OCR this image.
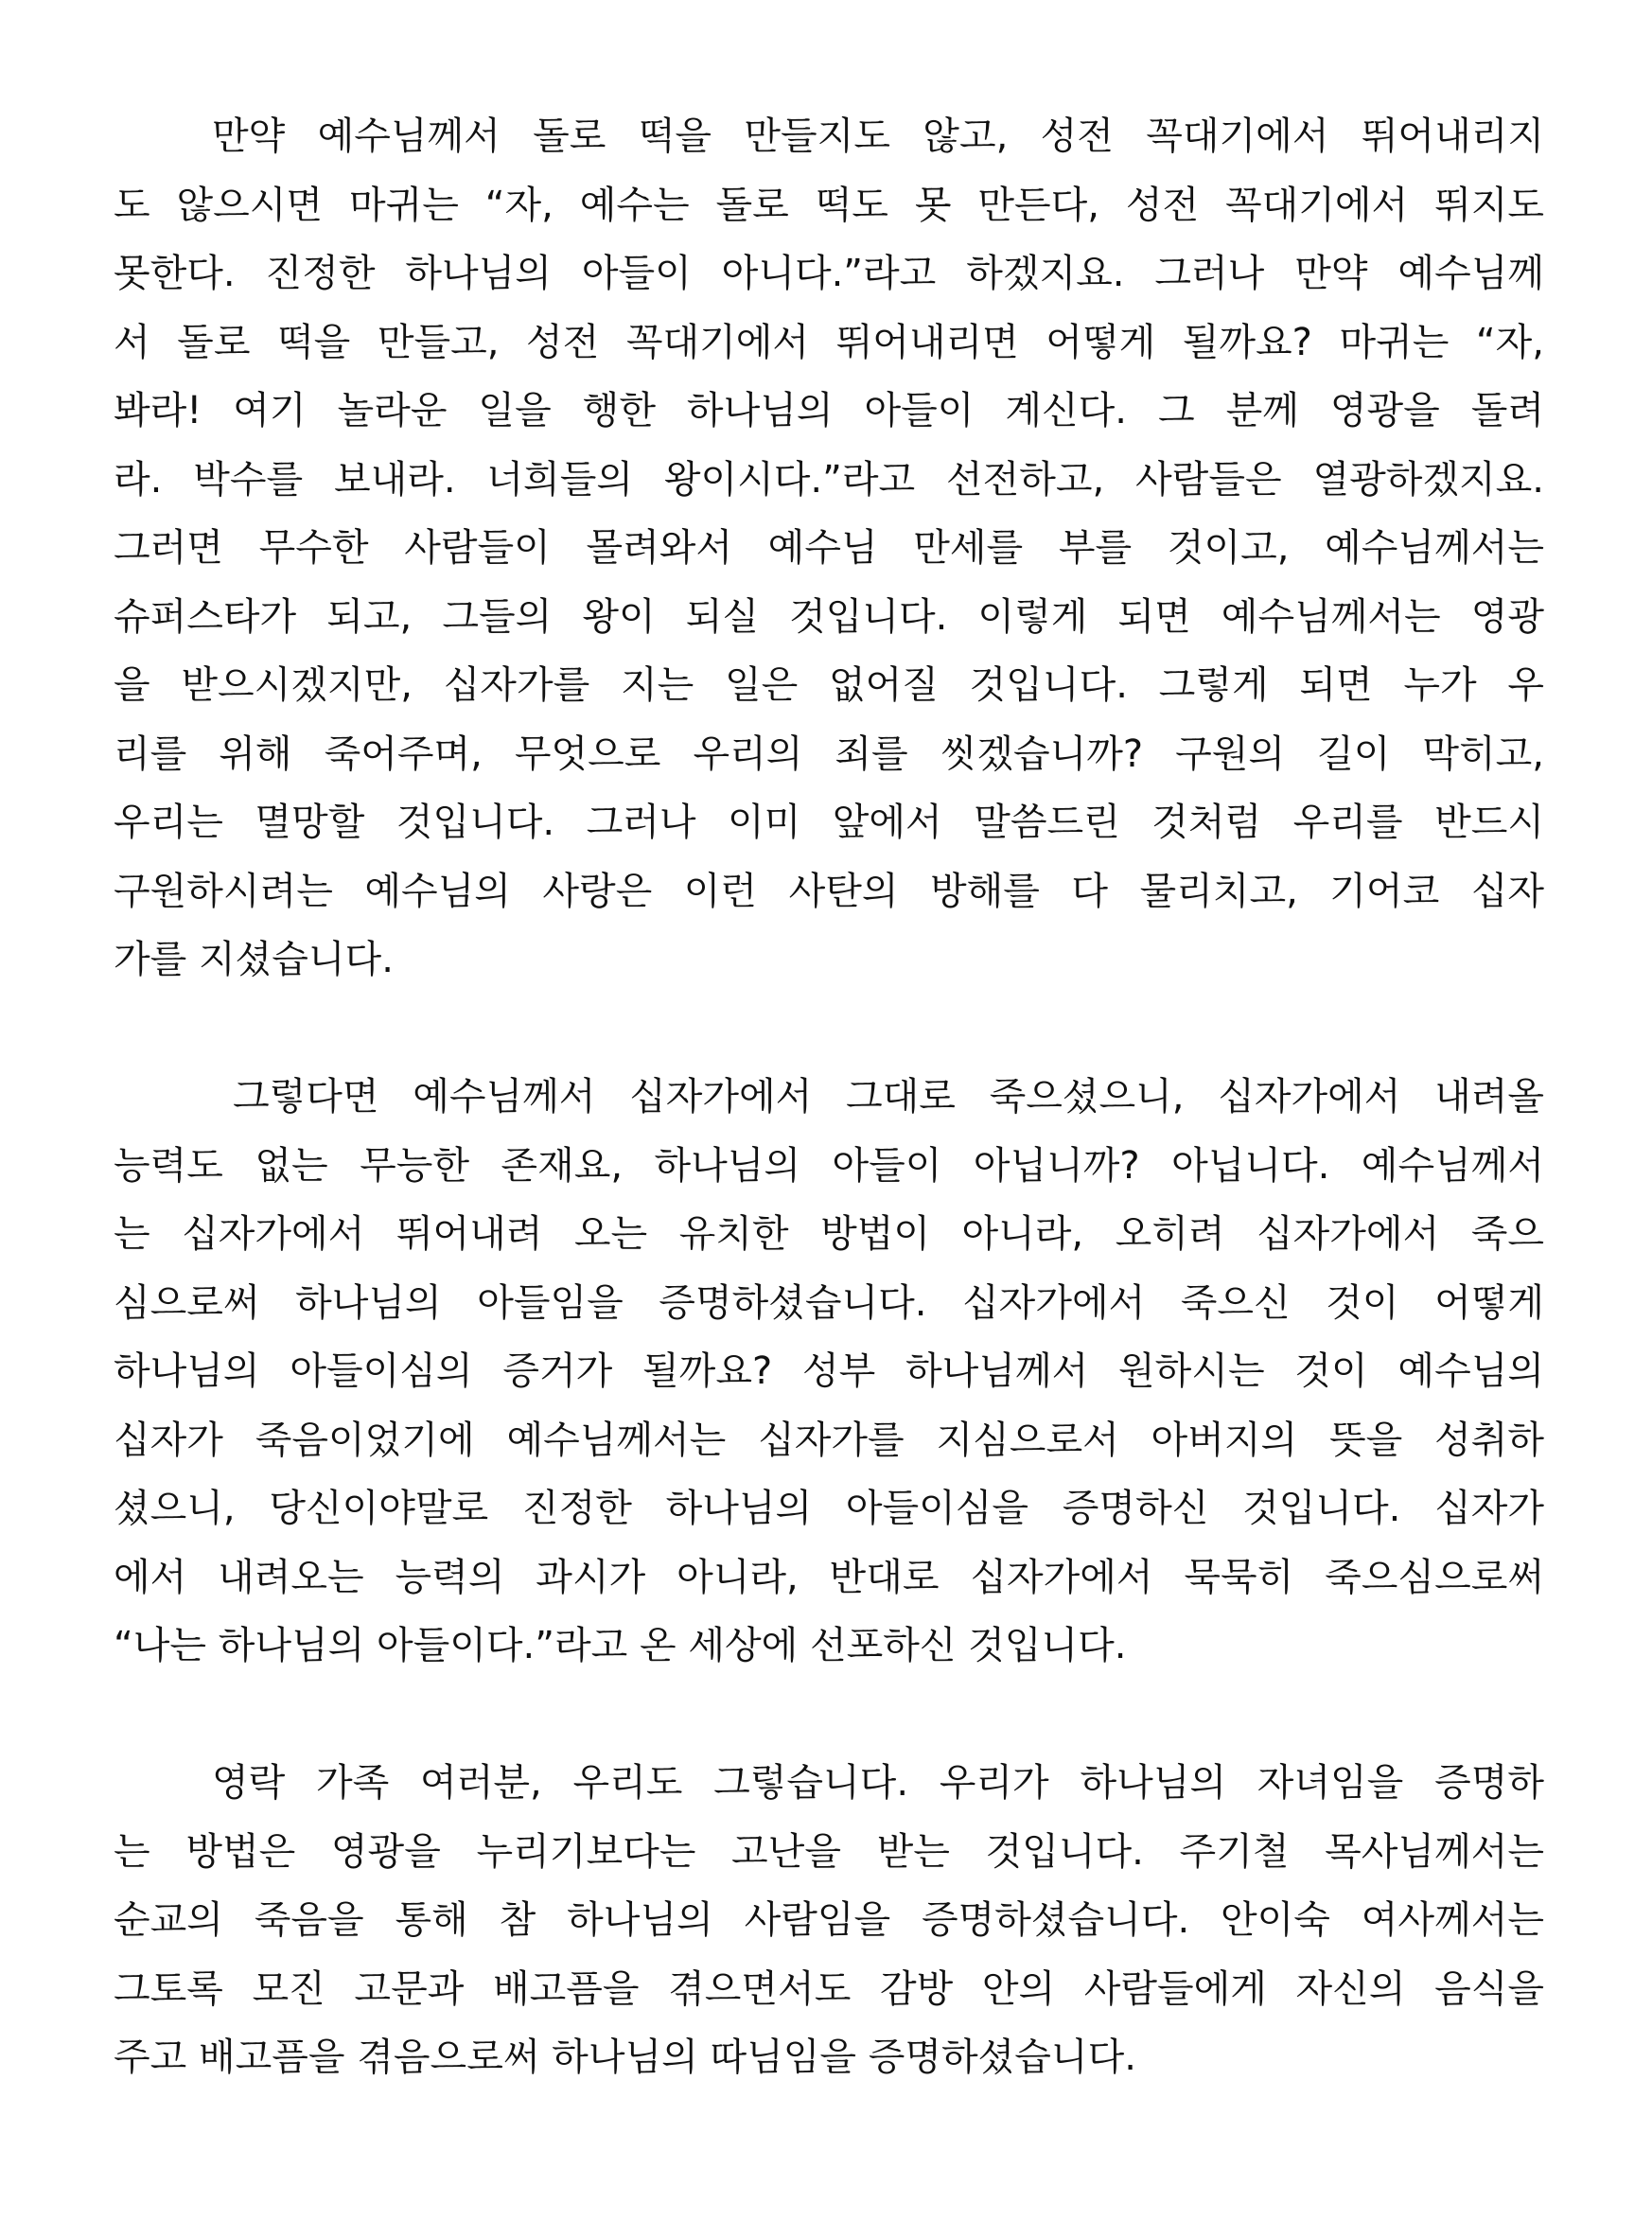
만약 예수님께서 돌로 떡을 만들지도 않고, 성전 꼭대기에서 뛰어내리지
도 않으시면 마귀는 “자, 예수는 돌로 떡도 못 만든다, 성전 꼭대기에서 뛰지도
못한다. 진정한 하나님의 아들이 아니다.”라고 하겠지요. 그러나 만약 예수님께
서 돌로 떡을 만들고, 성전 꼭대기에서 뛰어내리면 어떻게 될까요? 마귀는 “자,
봐라! 여기 놀라운 일을 행한 하나님의 아들이 계신다. 그 분께 영광을 돌려
라. 박수를 보내라. 너희들의 왕이시다.”라고 선전하고, 사람들은 열광하겠지요.
그러면 무수한 사람들이 몰려와서 예수님 만세를 부를 것이고, 예수님께서는
슈퍼스타가 되고, 그들의 왕이 되실 것입니다. 이렇게 되면 예수님께서는 영광
을 받으시겠지만, 십자가를 지는 일은 없어질 것입니다. 그렇게 되면 누가 우
리를 위해 죽어주며, 무엇으로 우리의 죄를 씻겠습니까? 구원의 길이 막히고,
우리는 멸망할 것입니다. 그러나 이미 앞에서 말씀드린 것처럼 우리를 반드시
구원하시려는 예수님의 사랑은 이런 사탄의 방해를 다 물리치고, 기어코 십자
가를 지셨습니다.
그렇다면 예수님께서 십자가에서 그대로 죽으셨으니, 십자가에서 내려올
능력도 없는 무능한 존재요, 하나님의 아들이 아닙니까? 아닙니다. 예수님께서
는 십자가에서 뛰어내려 오는 유치한 방법이 아니라, 오히려 십자가에서 죽으
심으로써 하나님의 아들임을 증명하셨습니다. 십자가에서 죽으신 것이 어떻게
하나님의 아들이심의 증거가 될까요? 성부 하나님께서 원하시는 것이 예수님의
십자가 죽음이었기에 예수님께서는 십자가를 지심으로서 아버지의 뜻을 성취하
셨으니, 당신이야말로 진정한 하나님의 아들이심을 증명하신 것입니다. 십자가
에서 내려오는 능력의 과시가 아니라, 반대로 십자가에서 묵묵히 죽으심으로써
“나는 하나님의 아들이다.”라고 온 세상에 선포하신 것입니다.
영락 가족 여러분, 우리도 그렇습니다. 우리가 하나님의 자녀임을 증명하
는 방법은 영광을 누리기보다는 고난을 받는 것입니다. 주기철 목사님께서는
순교의 죽음을 통해 참 하나님의 사람임을 증명하셨습니다. 안이숙 여사께서는
그토록 모진 고문과 배고픔을 겪으면서도 감방 안의 사람들에게 자신의 음식을
주고 배고픔을 겪음으로써 하나님의 따님임을 증명하셨습니다.
